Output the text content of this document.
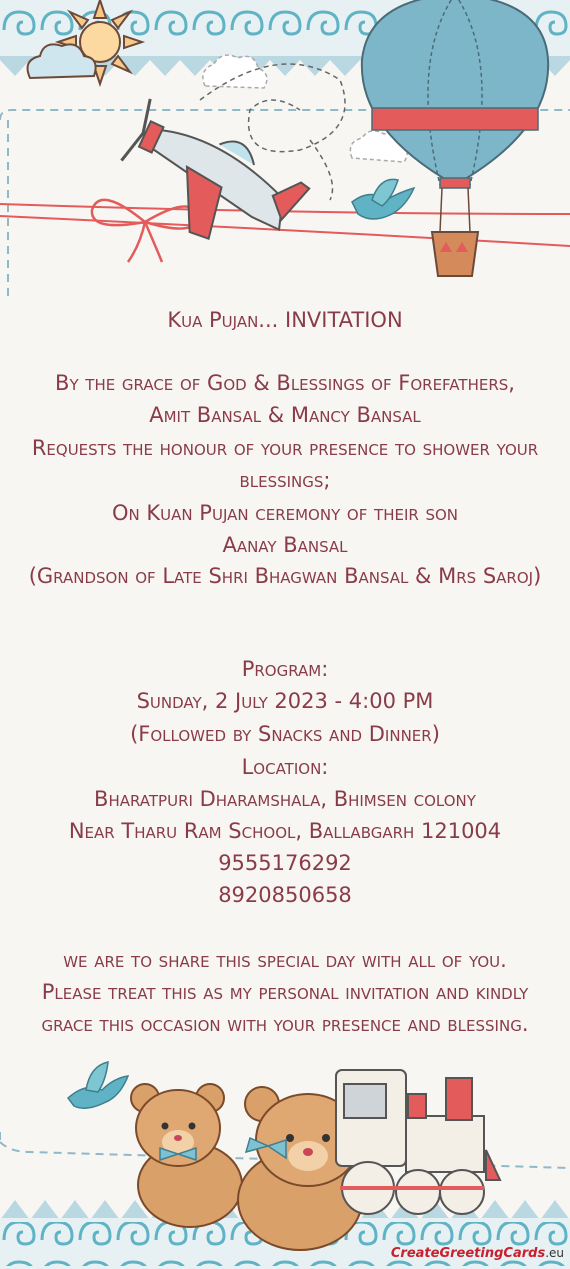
Kua Pujan... INVITATION
By the grace of God & Blessings of Forefathers,
Amit Bansal & Mancy Bansal
Requests the honour of your presence to shower your
blessings;
On Kuan Pujan ceremony of their son
Aanay Bansal
(Grandson of Late Shri Bhagwan Bansal & Mrs Saroj)
Program:
Sunday, 2 July 2023 - 4:00 PM
(Followed by Snacks and Dinner)
Location:
Bharatpuri Dharamshala, Bhimsen colony
Near Tharu Ram School, Ballabgarh 121004
9555176292
8920850658
we are to share this special day with all of you.
Please treat this as my personal invitation and kindly
grace this occasion with your presence and blessing.
CreateGreetingCards.eu
